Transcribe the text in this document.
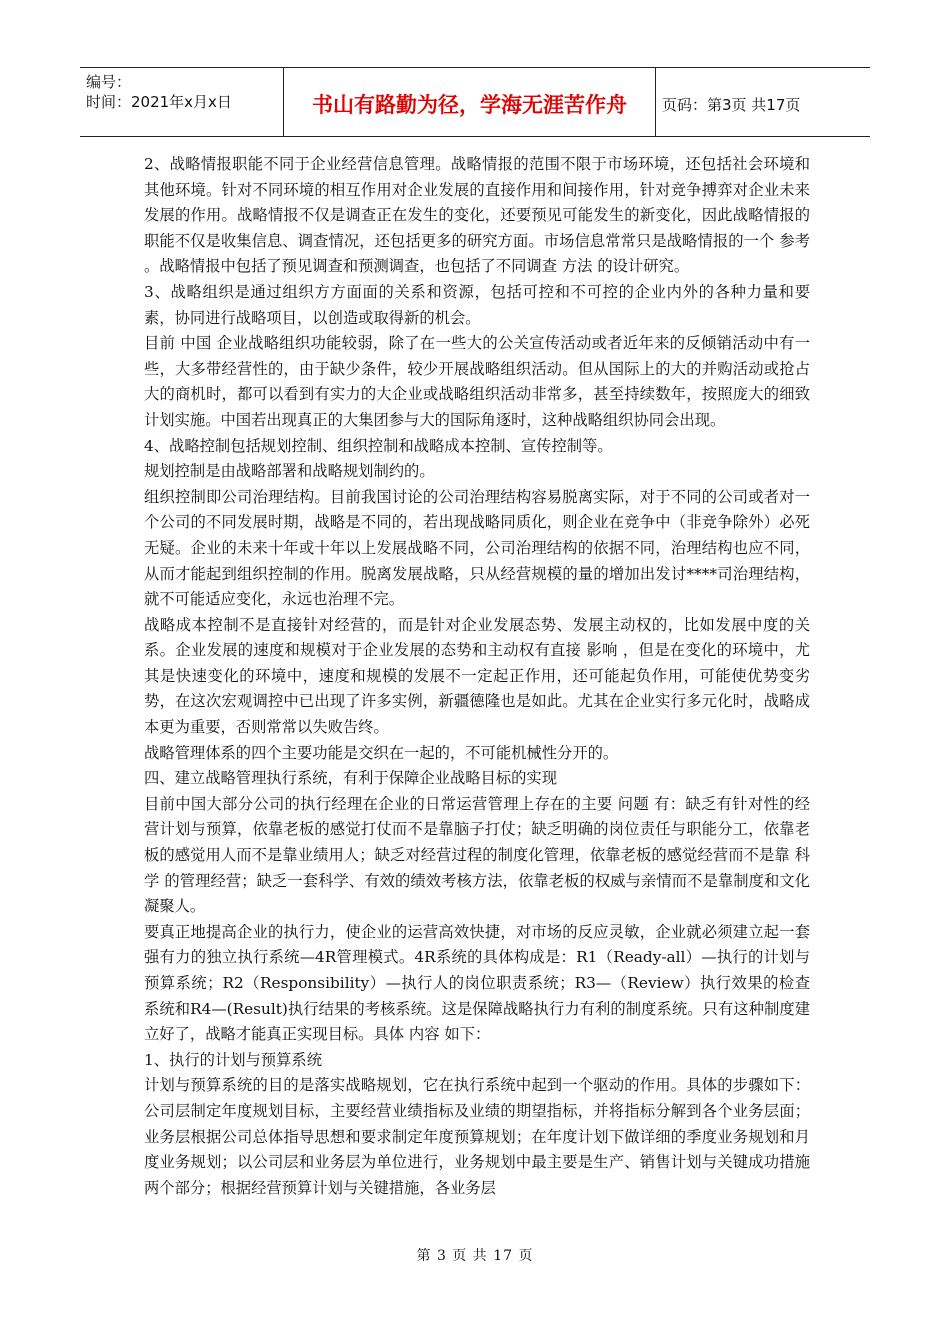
编号：
时间：2021年x月x日	书山有路勤为径，学海无涯苦作舟	页码：第3页 共17页

2、战略情报职能不同于企业经营信息管理。战略情报的范围不限于市场环境，还包括社会环境和其他环境。针对不同环境的相互作用对企业发展的直接作用和间接作用，针对竞争搏弈对企业未来发展的作用。战略情报不仅是调查正在发生的变化，还要预见可能发生的新变化，因此战略情报的职能不仅是收集信息、调查情况，还包括更多的研究方面。市场信息常常只是战略情报的一个 参考 。战略情报中包括了预见调查和预测调查，也包括了不同调查 方法 的设计研究。

3、战略组织是通过组织方方面面的关系和资源，包括可控和不可控的企业内外的各种力量和要素，协同进行战略项目，以创造或取得新的机会。

目前 中国 企业战略组织功能较弱，除了在一些大的公关宣传活动或者近年来的反倾销活动中有一些，大多带经营性的，由于缺少条件，较少开展战略组织活动。但从国际上的大的并购活动或抢占大的商机时，都可以看到有实力的大企业或战略组织活动非常多，甚至持续数年，按照庞大的细致计划实施。中国若出现真正的大集团参与大的国际角逐时，这种战略组织协同会出现。

4、战略控制包括规划控制、组织控制和战略成本控制、宣传控制等。

规划控制是由战略部署和战略规划制约的。

组织控制即公司治理结构。目前我国讨论的公司治理结构容易脱离实际，对于不同的公司或者对一个公司的不同发展时期，战略是不同的，若出现战略同质化，则企业在竞争中（非竞争除外）必死无疑。企业的未来十年或十年以上发展战略不同，公司治理结构的依据不同，治理结构也应不同，从而才能起到组织控制的作用。脱离发展战略，只从经营规模的量的增加出发讨****司治理结构，就不可能适应变化，永远也治理不完。

战略成本控制不是直接针对经营的，而是针对企业发展态势、发展主动权的，比如发展中度的关系。企业发展的速度和规模对于企业发展的态势和主动权有直接 影响 ，但是在变化的环境中，尤其是快速变化的环境中，速度和规模的发展不一定起正作用，还可能起负作用，可能使优势变劣势，在这次宏观调控中已出现了许多实例，新疆德隆也是如此。尤其在企业实行多元化时，战略成本更为重要，否则常常以失败告终。

战略管理体系的四个主要功能是交织在一起的，不可能机械性分开的。

四、建立战略管理执行系统，有利于保障企业战略目标的实现

目前中国大部分公司的执行经理在企业的日常运营管理上存在的主要 问题 有：缺乏有针对性的经营计划与预算，依靠老板的感觉打仗而不是靠脑子打仗；缺乏明确的岗位责任与职能分工，依靠老板的感觉用人而不是靠业绩用人；缺乏对经营过程的制度化管理，依靠老板的感觉经营而不是靠 科学 的管理经营；缺乏一套科学、有效的绩效考核方法，依靠老板的权威与亲情而不是靠制度和文化凝聚人。

要真正地提高企业的执行力，使企业的运营高效快捷，对市场的反应灵敏，企业就必须建立起一套强有力的独立执行系统—4R管理模式。4R系统的具体构成是：R1（Ready-all）—执行的计划与预算系统；R2（Responsibility）—执行人的岗位职责系统；R3—（Review）执行效果的检查系统和R4—(Result)执行结果的考核系统。这是保障战略执行力有利的制度系统。只有这种制度建立好了，战略才能真正实现目标。具体 内容 如下：

1、执行的计划与预算系统

计划与预算系统的目的是落实战略规划，它在执行系统中起到一个驱动的作用。具体的步骤如下：公司层制定年度规划目标，主要经营业绩指标及业绩的期望指标，并将指标分解到各个业务层面；业务层根据公司总体指导思想和要求制定年度预算规划；在年度计划下做详细的季度业务规划和月度业务规划；以公司层和业务层为单位进行，业务规划中最主要是生产、销售计划与关键成功措施两个部分；根据经营预算计划与关键措施，各业务层

第 3 页 共 17 页
